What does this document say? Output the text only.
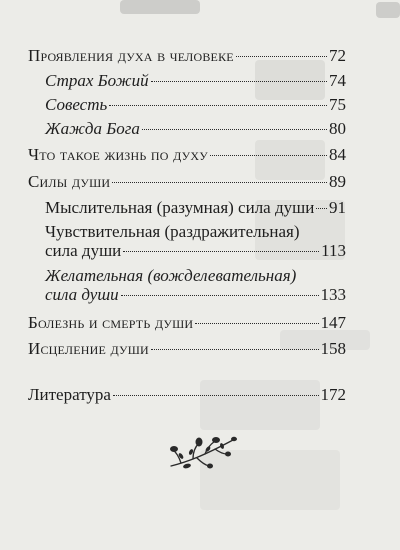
Проявления духа в человеке	72
Страх Божий	74
Совесть	75
Жажда Бога	80
Что такое жизнь по духу	84
Силы души	89
Мыслительная (разумная) сила души 91
Чувствительная (раздражительная)
сила души	113
Желательная (вожделевательная)
сила души	133
Болезнь и смерть души	147
Исцеление души	158
Литература	172
